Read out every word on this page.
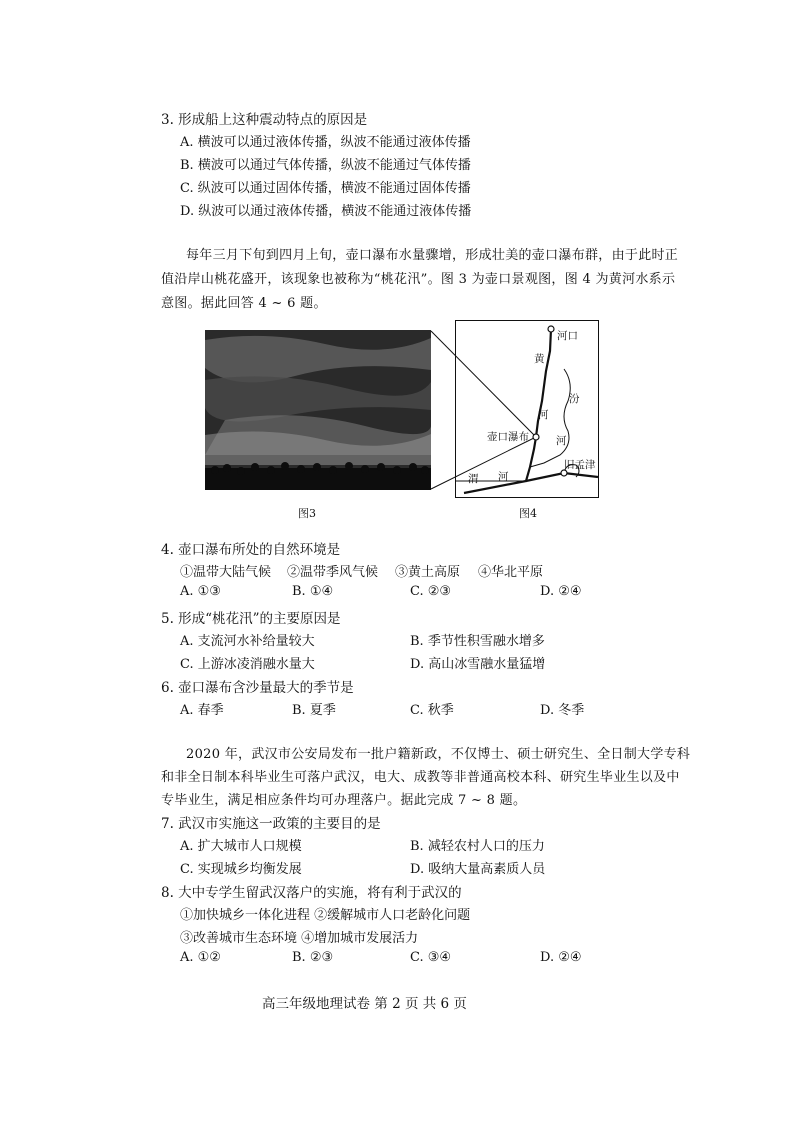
3. 形成船上这种震动特点的原因是
A. 横波可以通过液体传播，纵波不能通过液体传播
B. 横波可以通过气体传播，纵波不能通过气体传播
C. 纵波可以通过固体传播，横波不能通过固体传播
D. 纵波可以通过液体传播，横波不能通过液体传播
每年三月下旬到四月上旬，壶口瀑布水量骤增，形成壮美的壶口瀑布群，由于此时正
值沿岸山桃花盛开，该现象也被称为“桃花汛”。图 3 为壶口景观图，图 4 为黄河水系示
意图。据此回答 4 ~ 6 题。
河口
黄
河
汾
河
壶口瀑布
旧孟津
渭 河
图3	图4
4. 壶口瀑布所处的自然环境是
①温带大陆气候 ②温带季风气候 ③黄土高原 ④华北平原
A. ①③	B. ①④	C. ②③	D. ②④
5. 形成“桃花汛”的主要原因是
A. 支流河水补给量较大	B. 季节性积雪融水增多
C. 上游冰凌消融水量大	D. 高山冰雪融水量猛增
6. 壶口瀑布含沙量最大的季节是
A. 春季	B. 夏季	C. 秋季	D. 冬季
2020 年，武汉市公安局发布一批户籍新政，不仅博士、硕士研究生、全日制大学专科
和非全日制本科毕业生可落户武汉，电大、成教等非普通高校本科、研究生毕业生以及中
专毕业生，满足相应条件均可办理落户。据此完成 7 ~ 8 题。
7. 武汉市实施这一政策的主要目的是
A. 扩大城市人口规模	B. 减轻农村人口的压力
C. 实现城乡均衡发展	D. 吸纳大量高素质人员
8. 大中专学生留武汉落户的实施，将有利于武汉的
①加快城乡一体化进程 ②缓解城市人口老龄化问题
③改善城市生态环境 ④增加城市发展活力
A. ①②	B. ②③	C. ③④	D. ②④
高三年级地理试卷 第 2 页 共 6 页
